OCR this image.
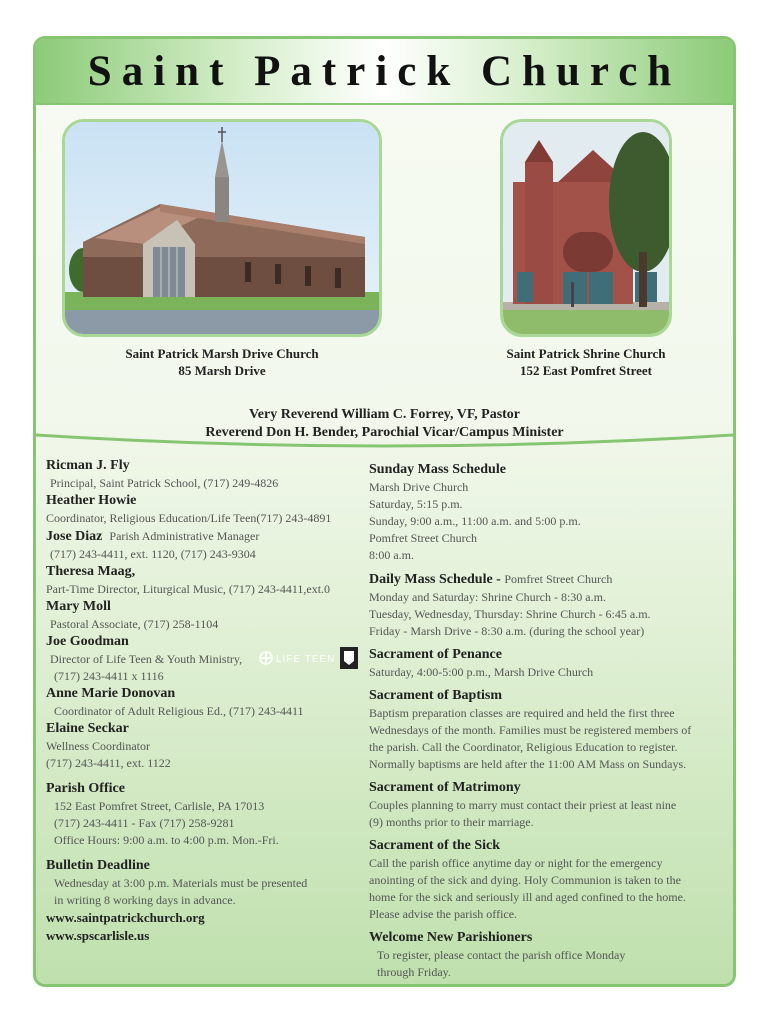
Saint Patrick Church
Saint Patrick Marsh Drive Church
85 Marsh Drive
Saint Patrick Shrine Church
152 East Pomfret Street
Very Reverend William C. Forrey, VF, Pastor
Reverend Don H. Bender, Parochial Vicar/Campus Minister
Ricman J. Fly
Principal, Saint Patrick School, (717) 249-4826
Heather Howie
Coordinator, Religious Education/Life Teen(717) 243-4891
Jose Diaz Parish Administrative Manager
(717) 243-4411, ext. 1120, (717) 243-9304
Theresa Maag,
Part-Time Director, Liturgical Music, (717) 243-4411,ext.0
Mary Moll
Pastoral Associate, (717) 258-1104
Joe Goodman
Director of Life Teen & Youth Ministry,
(717) 243-4411 x 1116
Anne Marie Donovan
Coordinator of Adult Religious Ed., (717) 243-4411
Elaine Seckar
Wellness Coordinator
(717) 243-4411, ext. 1122
Parish Office
152 East Pomfret Street, Carlisle, PA 17013
(717) 243-4411 - Fax (717) 258-9281
Office Hours: 9:00 a.m. to 4:00 p.m. Mon.-Fri.
Bulletin Deadline
Wednesday at 3:00 p.m. Materials must be presented
in writing 8 working days in advance.
www.saintpatrickchurch.org
www.spscarlisle.us
LIFE TEEN
Sunday Mass Schedule
Marsh Drive Church
Saturday, 5:15 p.m.
Sunday, 9:00 a.m., 11:00 a.m. and 5:00 p.m.
Pomfret Street Church
8:00 a.m.
Daily Mass Schedule - Pomfret Street Church
Monday and Saturday: Shrine Church - 8:30 a.m.
Tuesday, Wednesday, Thursday: Shrine Church - 6:45 a.m.
Friday - Marsh Drive - 8:30 a.m. (during the school year)
Sacrament of Penance
Saturday, 4:00-5:00 p.m., Marsh Drive Church
Sacrament of Baptism
Baptism preparation classes are required and held the first three
Wednesdays of the month. Families must be registered members of
the parish. Call the Coordinator, Religious Education to register.
Normally baptisms are held after the 11:00 AM Mass on Sundays.
Sacrament of Matrimony
Couples planning to marry must contact their priest at least nine
(9) months prior to their marriage.
Sacrament of the Sick
Call the parish office anytime day or night for the emergency
anointing of the sick and dying. Holy Communion is taken to the
home for the sick and seriously ill and aged confined to the home.
Please advise the parish office.
Welcome New Parishioners
To register, please contact the parish office Monday
through Friday.
